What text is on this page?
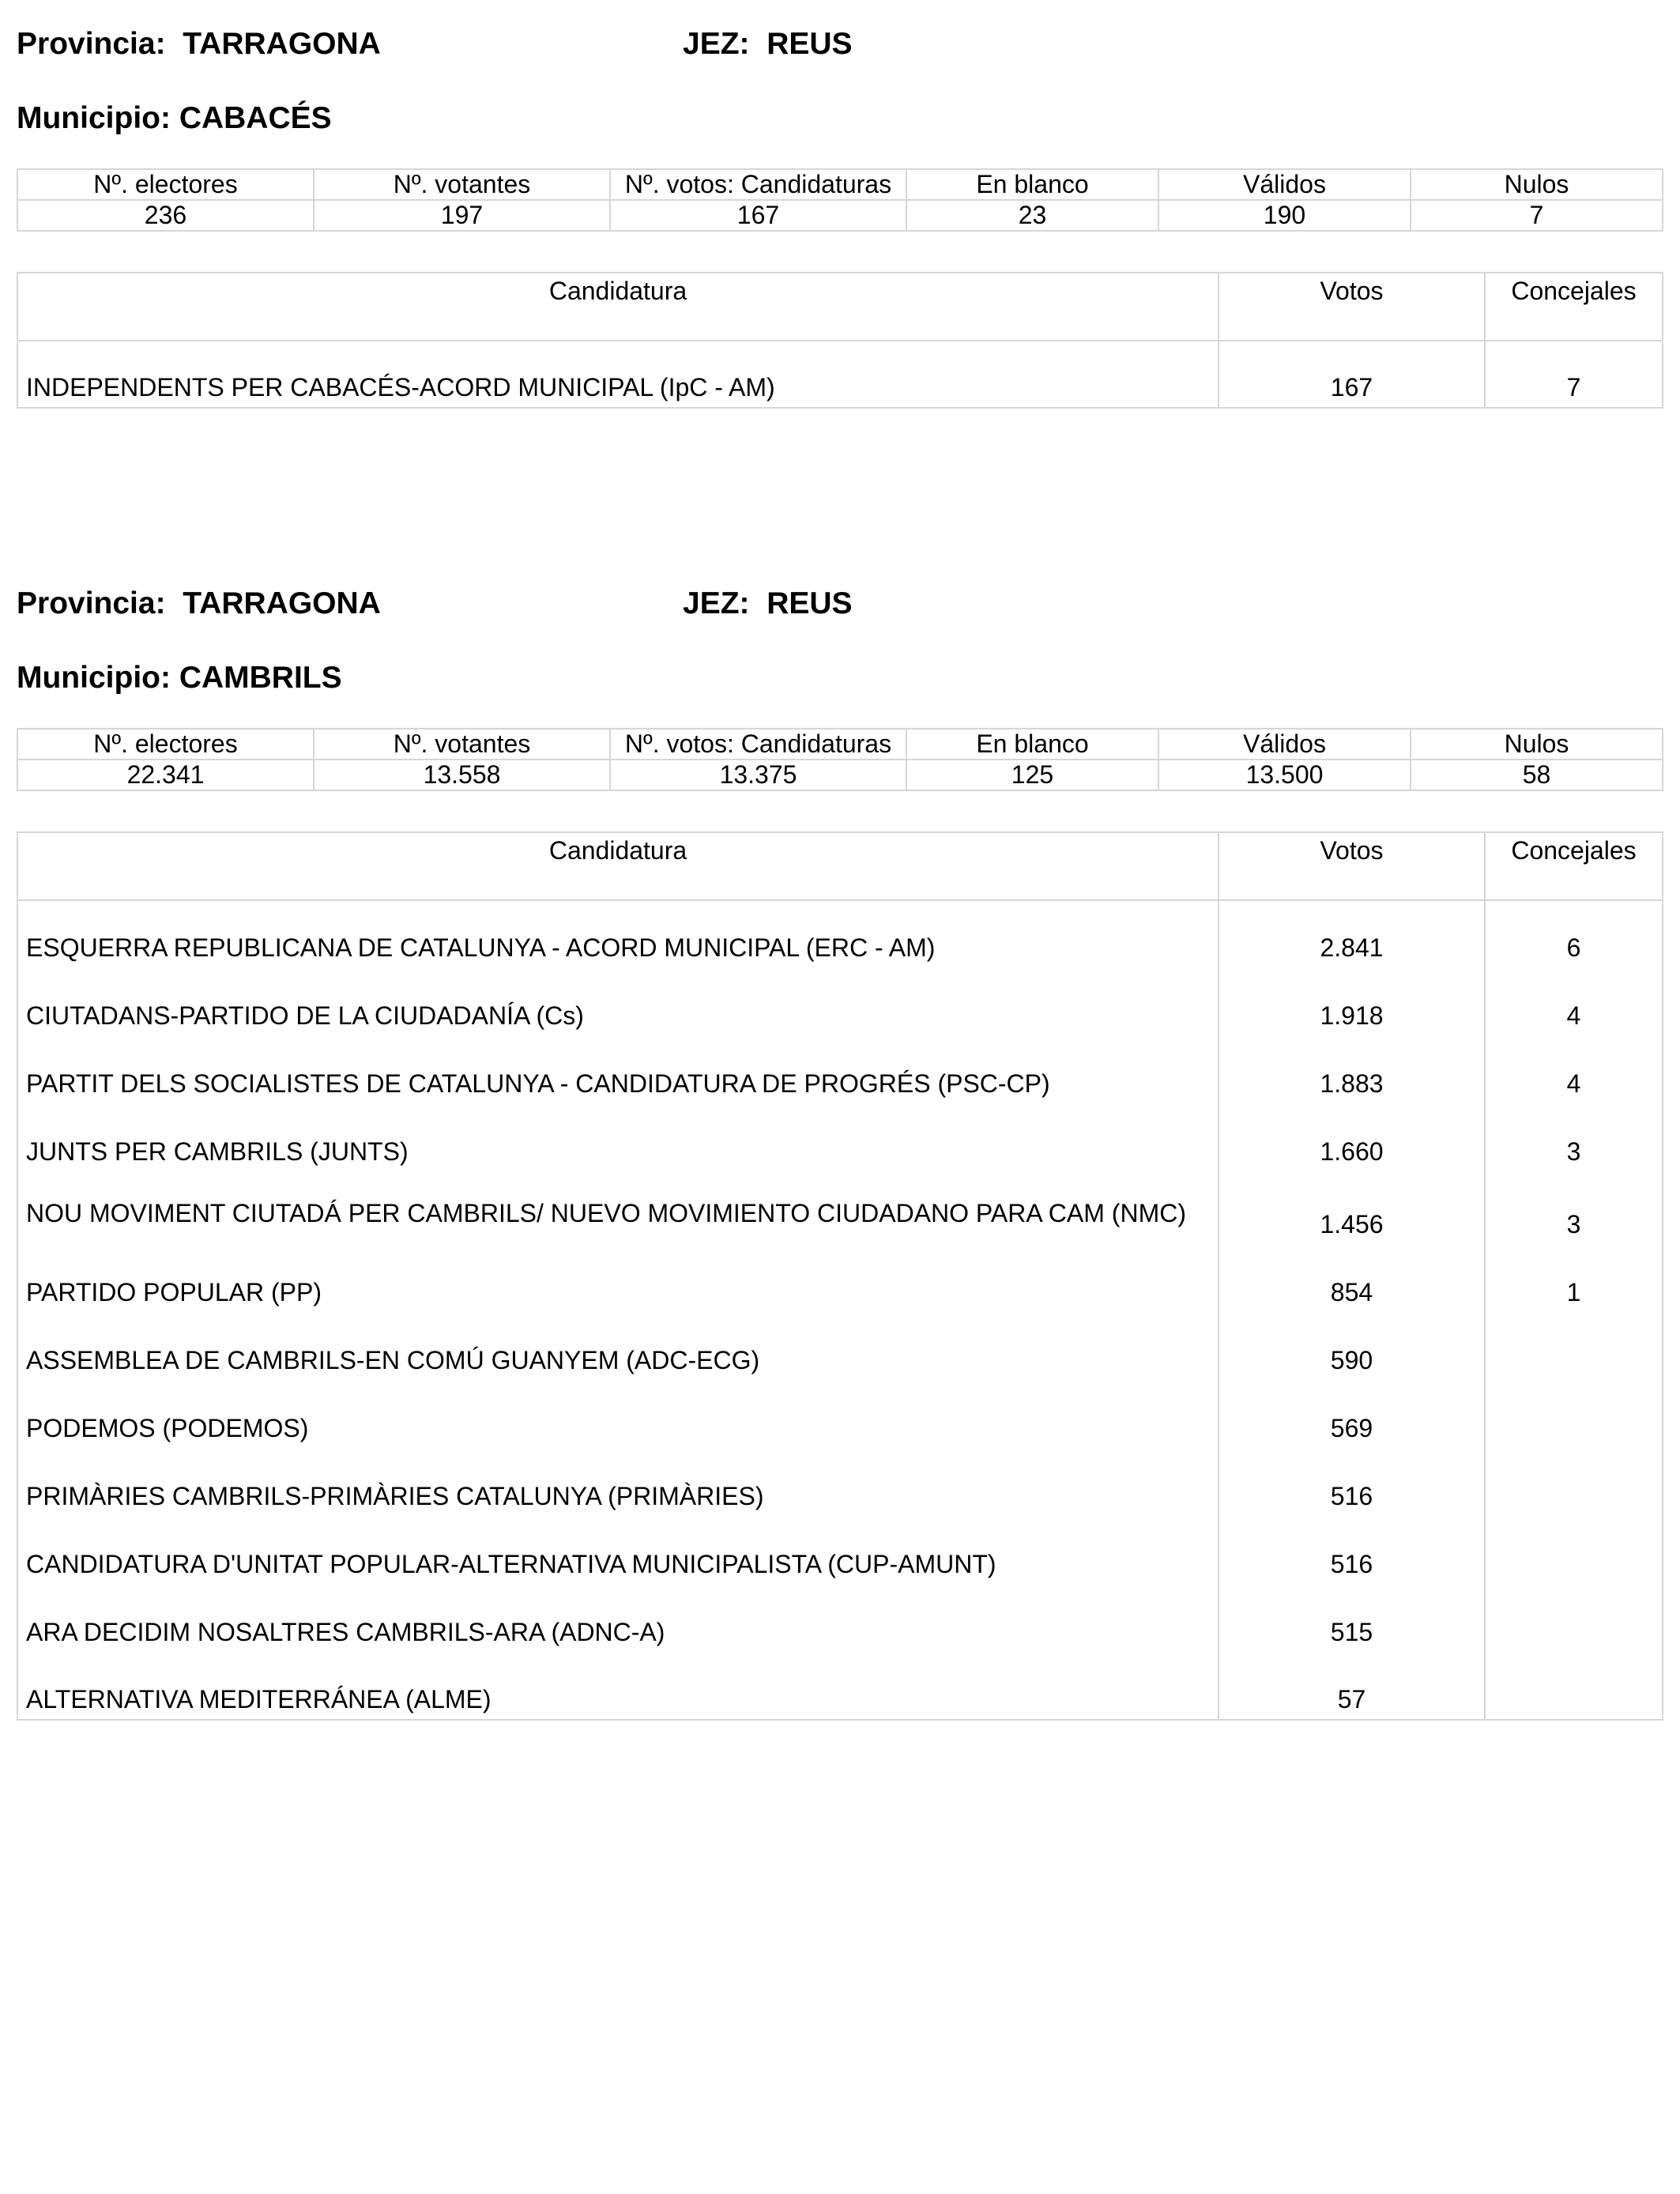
Provincia: TARRAGONA	JEZ: REUS
Municipio: CABACÉS
Nº. electores	Nº. votantes	Nº. votos: Candidaturas	En blanco	Válidos	Nulos
236	197	167	23	190	7
Candidatura	Votos	Concejales
INDEPENDENTS PER CABACÉS-ACORD MUNICIPAL (IpC - AM)	167	7
Provincia: TARRAGONA	JEZ: REUS
Municipio: CAMBRILS
Nº. electores	Nº. votantes	Nº. votos: Candidaturas	En blanco	Válidos	Nulos
22.341	13.558	13.375	125	13.500	58
Candidatura	Votos	Concejales
ESQUERRA REPUBLICANA DE CATALUNYA - ACORD MUNICIPAL (ERC - AM)	2.841	6
CIUTADANS-PARTIDO DE LA CIUDADANÍA (Cs)	1.918	4
PARTIT DELS SOCIALISTES DE CATALUNYA - CANDIDATURA DE PROGRÉS (PSC-CP)	1.883	4
JUNTS PER CAMBRILS (JUNTS)	1.660	3

NOU MOVIMENT CIUTADÁ PER CAMBRILS/ NUEVO MOVIMIENTO CIUDADANO PARA CAM (NMC)	1.456	3
PARTIDO POPULAR (PP)	854	1
ASSEMBLEA DE CAMBRILS-EN COMÚ GUANYEM (ADC-ECG)	590	
PODEMOS (PODEMOS)	569	
PRIMÀRIES CAMBRILS-PRIMÀRIES CATALUNYA (PRIMÀRIES)	516	
CANDIDATURA D'UNITAT POPULAR-ALTERNATIVA MUNICIPALISTA (CUP-AMUNT)	516	
ARA DECIDIM NOSALTRES CAMBRILS-ARA (ADNC-A)	515	
ALTERNATIVA MEDITERRÁNEA (ALME)	57	
